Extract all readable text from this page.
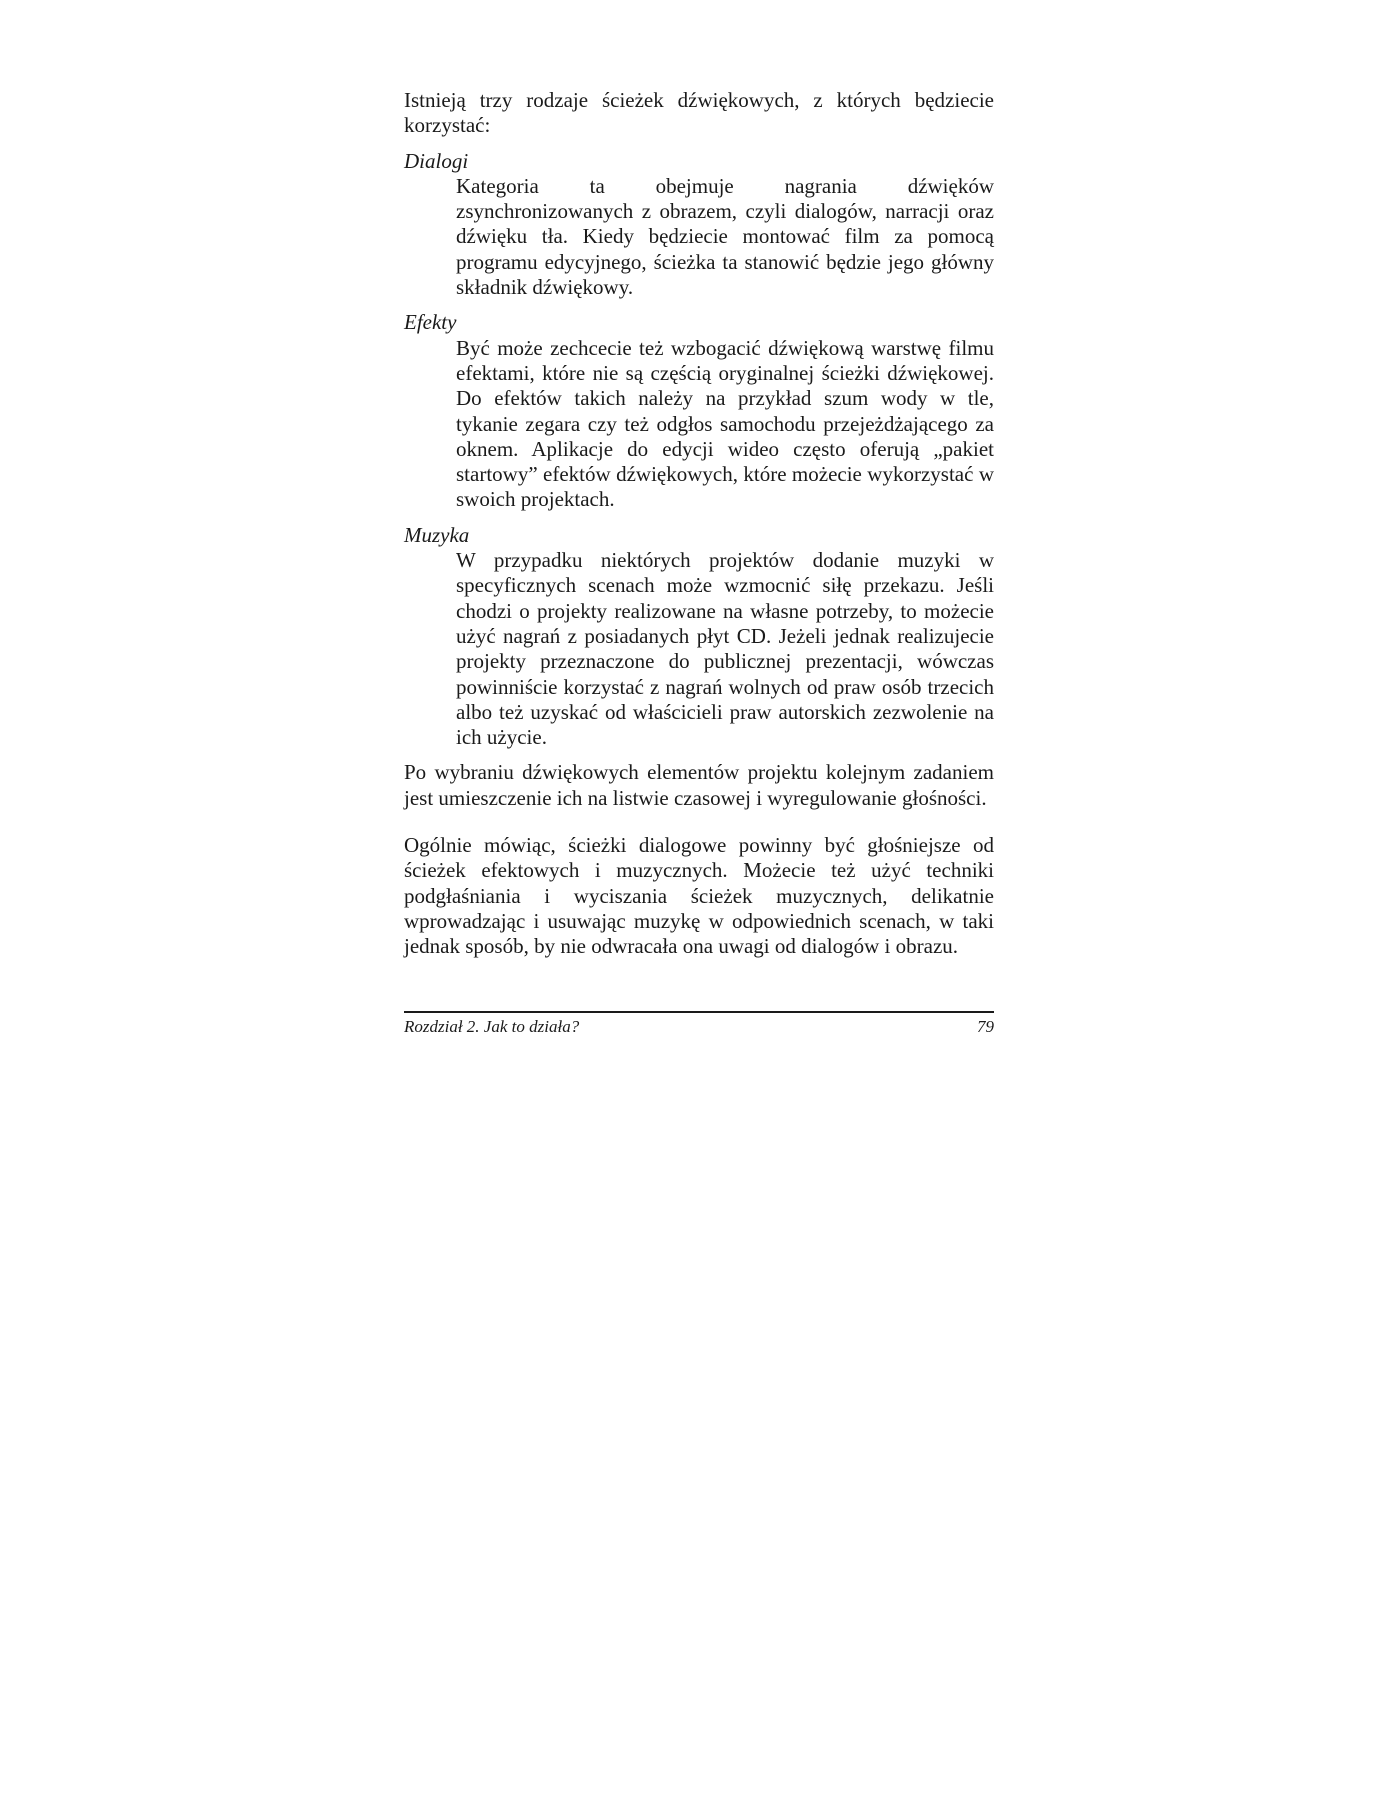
Istnieją trzy rodzaje ścieżek dźwiękowych, z których będziecie korzystać:

Dialogi

Kategoria ta obejmuje nagrania dźwięków zsynchronizowanych z obrazem, czyli dialogów, narracji oraz dźwięku tła. Kiedy będziecie montować film za pomocą programu edycyjnego, ścieżka ta stanowić będzie jego główny składnik dźwiękowy.

Efekty

Być może zechcecie też wzbogacić dźwiękową warstwę filmu efektami, które nie są częścią oryginalnej ścieżki dźwiękowej. Do efektów takich należy na przykład szum wody w tle, tykanie zegara czy też odgłos samochodu przejeżdżającego za oknem. Aplikacje do edycji wideo często oferują „pakiet startowy” efektów dźwiękowych, które możecie wykorzystać w swoich projektach.

Muzyka

W przypadku niektórych projektów dodanie muzyki w specyficznych scenach może wzmocnić siłę przekazu. Jeśli chodzi o projekty realizowane na własne potrzeby, to możecie użyć nagrań z posiadanych płyt CD. Jeżeli jednak realizujecie projekty przeznaczone do publicznej prezentacji, wówczas powinniście korzystać z nagrań wolnych od praw osób trzecich albo też uzyskać od właścicieli praw autorskich zezwolenie na ich użycie.

Po wybraniu dźwiękowych elementów projektu kolejnym zadaniem jest umieszczenie ich na listwie czasowej i wyregulowanie głośności.

Ogólnie mówiąc, ścieżki dialogowe powinny być głośniejsze od ścieżek efektowych i muzycznych. Możecie też użyć techniki podgłaśniania i wyciszania ścieżek muzycznych, delikatnie wprowadzając i usuwając muzykę w odpowiednich scenach, w taki jednak sposób, by nie odwracała ona uwagi od dialogów i obrazu.

Rozdział 2. Jak to działa?	79
